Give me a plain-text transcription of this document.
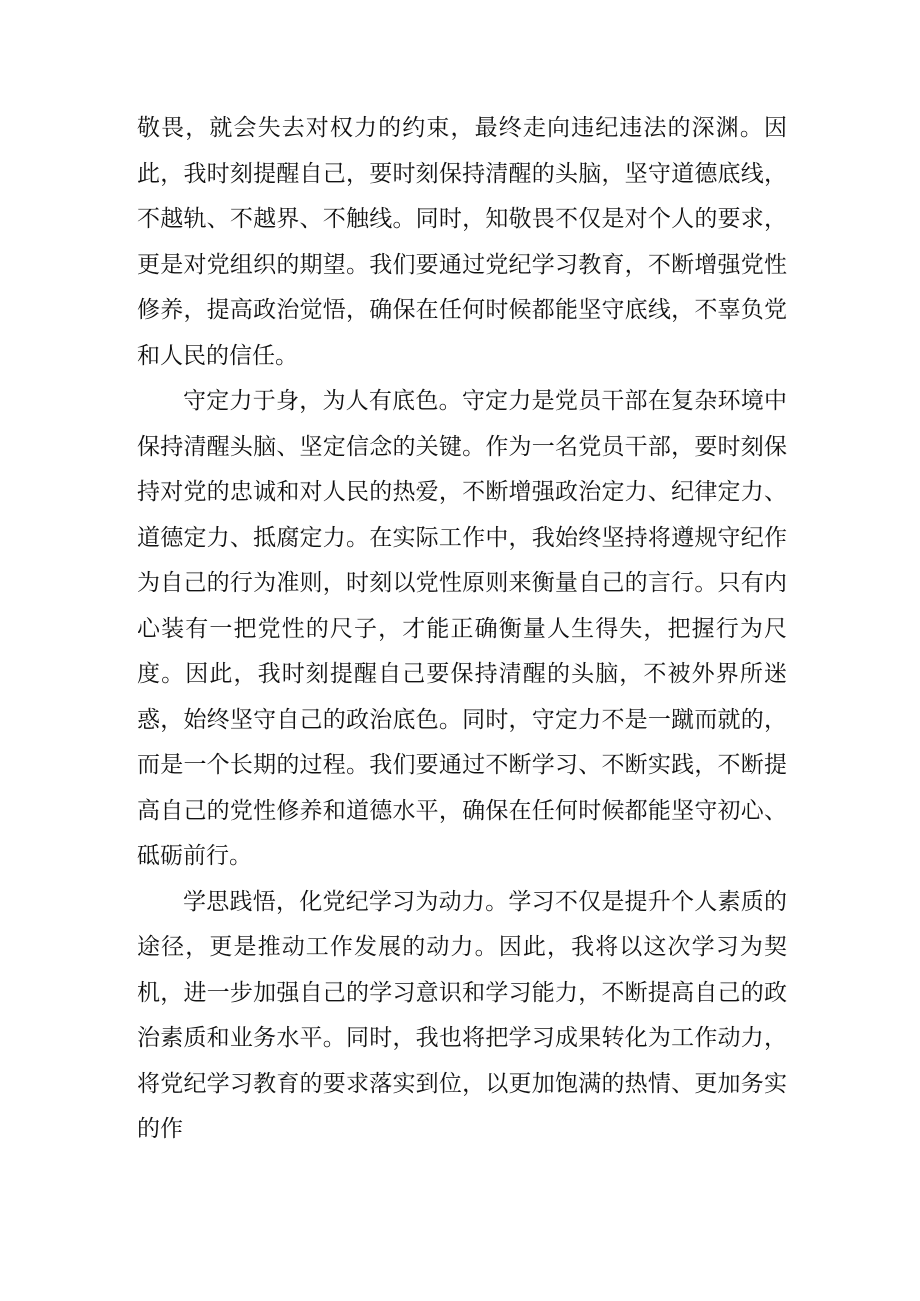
敬畏，就会失去对权力的约束，最终走向违纪违法的深渊。因此，我时刻提醒自己，要时刻保持清醒的头脑，坚守道德底线，不越轨、不越界、不触线。同时，知敬畏不仅是对个人的要求，更是对党组织的期望。我们要通过党纪学习教育，不断增强党性修养，提高政治觉悟，确保在任何时候都能坚守底线，不辜负党和人民的信任。

守定力于身，为人有底色。守定力是党员干部在复杂环境中保持清醒头脑、坚定信念的关键。作为一名党员干部，要时刻保持对党的忠诚和对人民的热爱，不断增强政治定力、纪律定力、道德定力、抵腐定力。在实际工作中，我始终坚持将遵规守纪作为自己的行为准则，时刻以党性原则来衡量自己的言行。只有内心装有一把党性的尺子，才能正确衡量人生得失，把握行为尺度。因此，我时刻提醒自己要保持清醒的头脑，不被外界所迷惑，始终坚守自己的政治底色。同时，守定力不是一蹴而就的，而是一个长期的过程。我们要通过不断学习、不断实践，不断提高自己的党性修养和道德水平，确保在任何时候都能坚守初心、砥砺前行。

学思践悟，化党纪学习为动力。学习不仅是提升个人素质的途径，更是推动工作发展的动力。因此，我将以这次学习为契机，进一步加强自己的学习意识和学习能力，不断提高自己的政治素质和业务水平。同时，我也将把学习成果转化为工作动力，将党纪学习教育的要求落实到位，以更加饱满的热情、更加务实的作
